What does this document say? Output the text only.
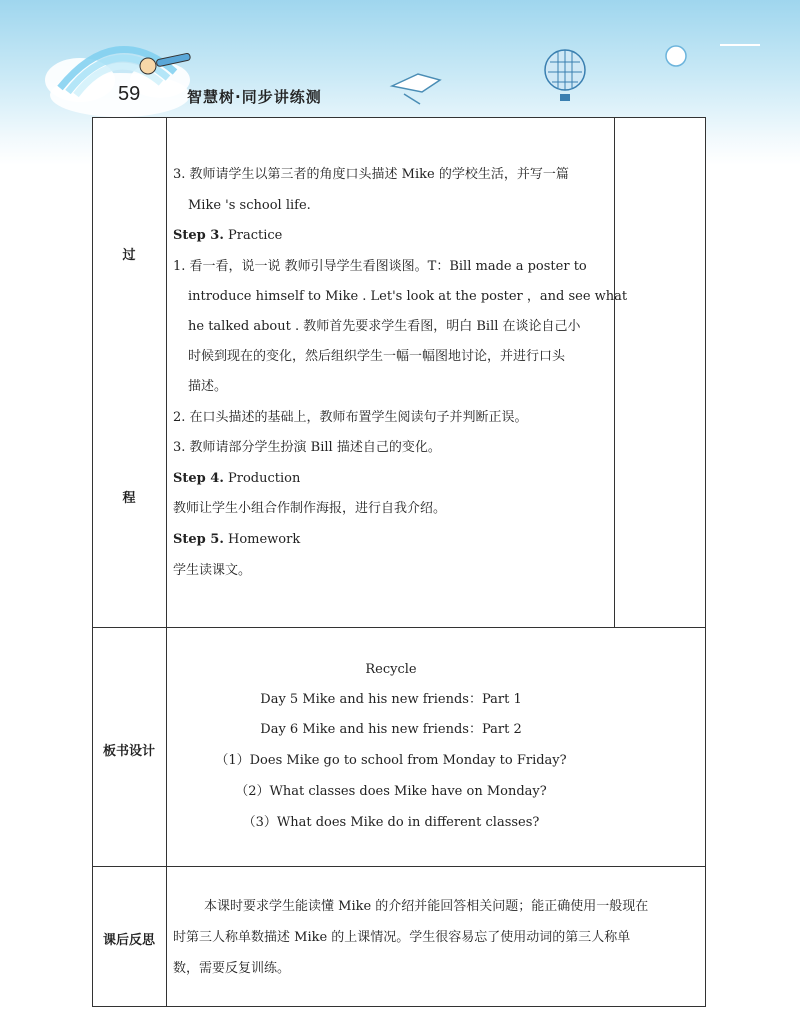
59	智慧树·同步讲练测
过
程
3. 教师请学生以第三者的角度口头描述 Mike 的学校生活，并写一篇
Mike 's school life.
Step 3. Practice
1. 看一看，说一说 教师引导学生看图谈图。T：Bill made a poster to
introduce himself to Mike . Let's look at the poster ，and see what
he talked about . 教师首先要求学生看图，明白 Bill 在谈论自己小
时候到现在的变化，然后组织学生一幅一幅图地讨论，并进行口头
描述。
2. 在口头描述的基础上，教师布置学生阅读句子并判断正误。
3. 教师请部分学生扮演 Bill 描述自己的变化。
Step 4. Production
教师让学生小组合作制作海报，进行自我介绍。
Step 5. Homework
学生读课文。
板书设计
Recycle
Day 5 Mike and his new friends：Part 1
Day 6 Mike and his new friends：Part 2
（1）Does Mike go to school from Monday to Friday?
（2）What classes does Mike have on Monday?
（3）What does Mike do in different classes?
课后反思
本课时要求学生能读懂 Mike 的介绍并能回答相关问题；能正确使用一般现在
时第三人称单数描述 Mike 的上课情况。学生很容易忘了使用动词的第三人称单
数，需要反复训练。
